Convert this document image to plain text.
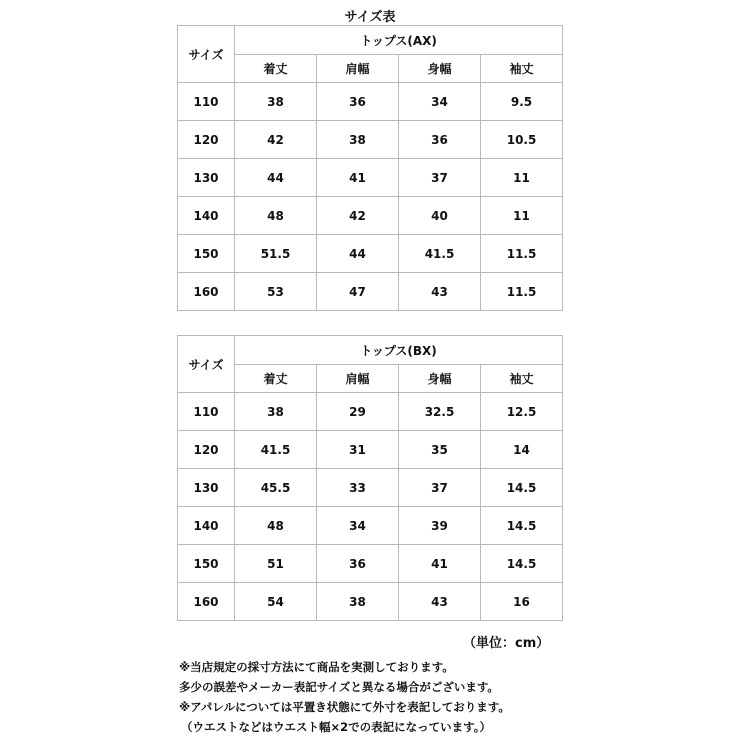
サイズ表
サイズ	トップス(AX)			
	着丈	肩幅	身幅	袖丈
110	38	36	34	9.5
120	42	38	36	10.5
130	44	41	37	11
140	48	42	40	11
150	51.5	44	41.5	11.5
160	53	47	43	11.5
サイズ	トップス(BX)			
	着丈	肩幅	身幅	袖丈
110	38	29	32.5	12.5
120	41.5	31	35	14
130	45.5	33	37	14.5
140	48	34	39	14.5
150	51	36	41	14.5
160	54	38	43	16
（単位：cm）
※当店規定の採寸方法にて商品を実測しております。
多少の誤差やメーカー表記サイズと異なる場合がございます。
※アパレルについては平置き状態にて外寸を表記しております。
（ウエストなどはウエスト幅×2での表記になっています。）
